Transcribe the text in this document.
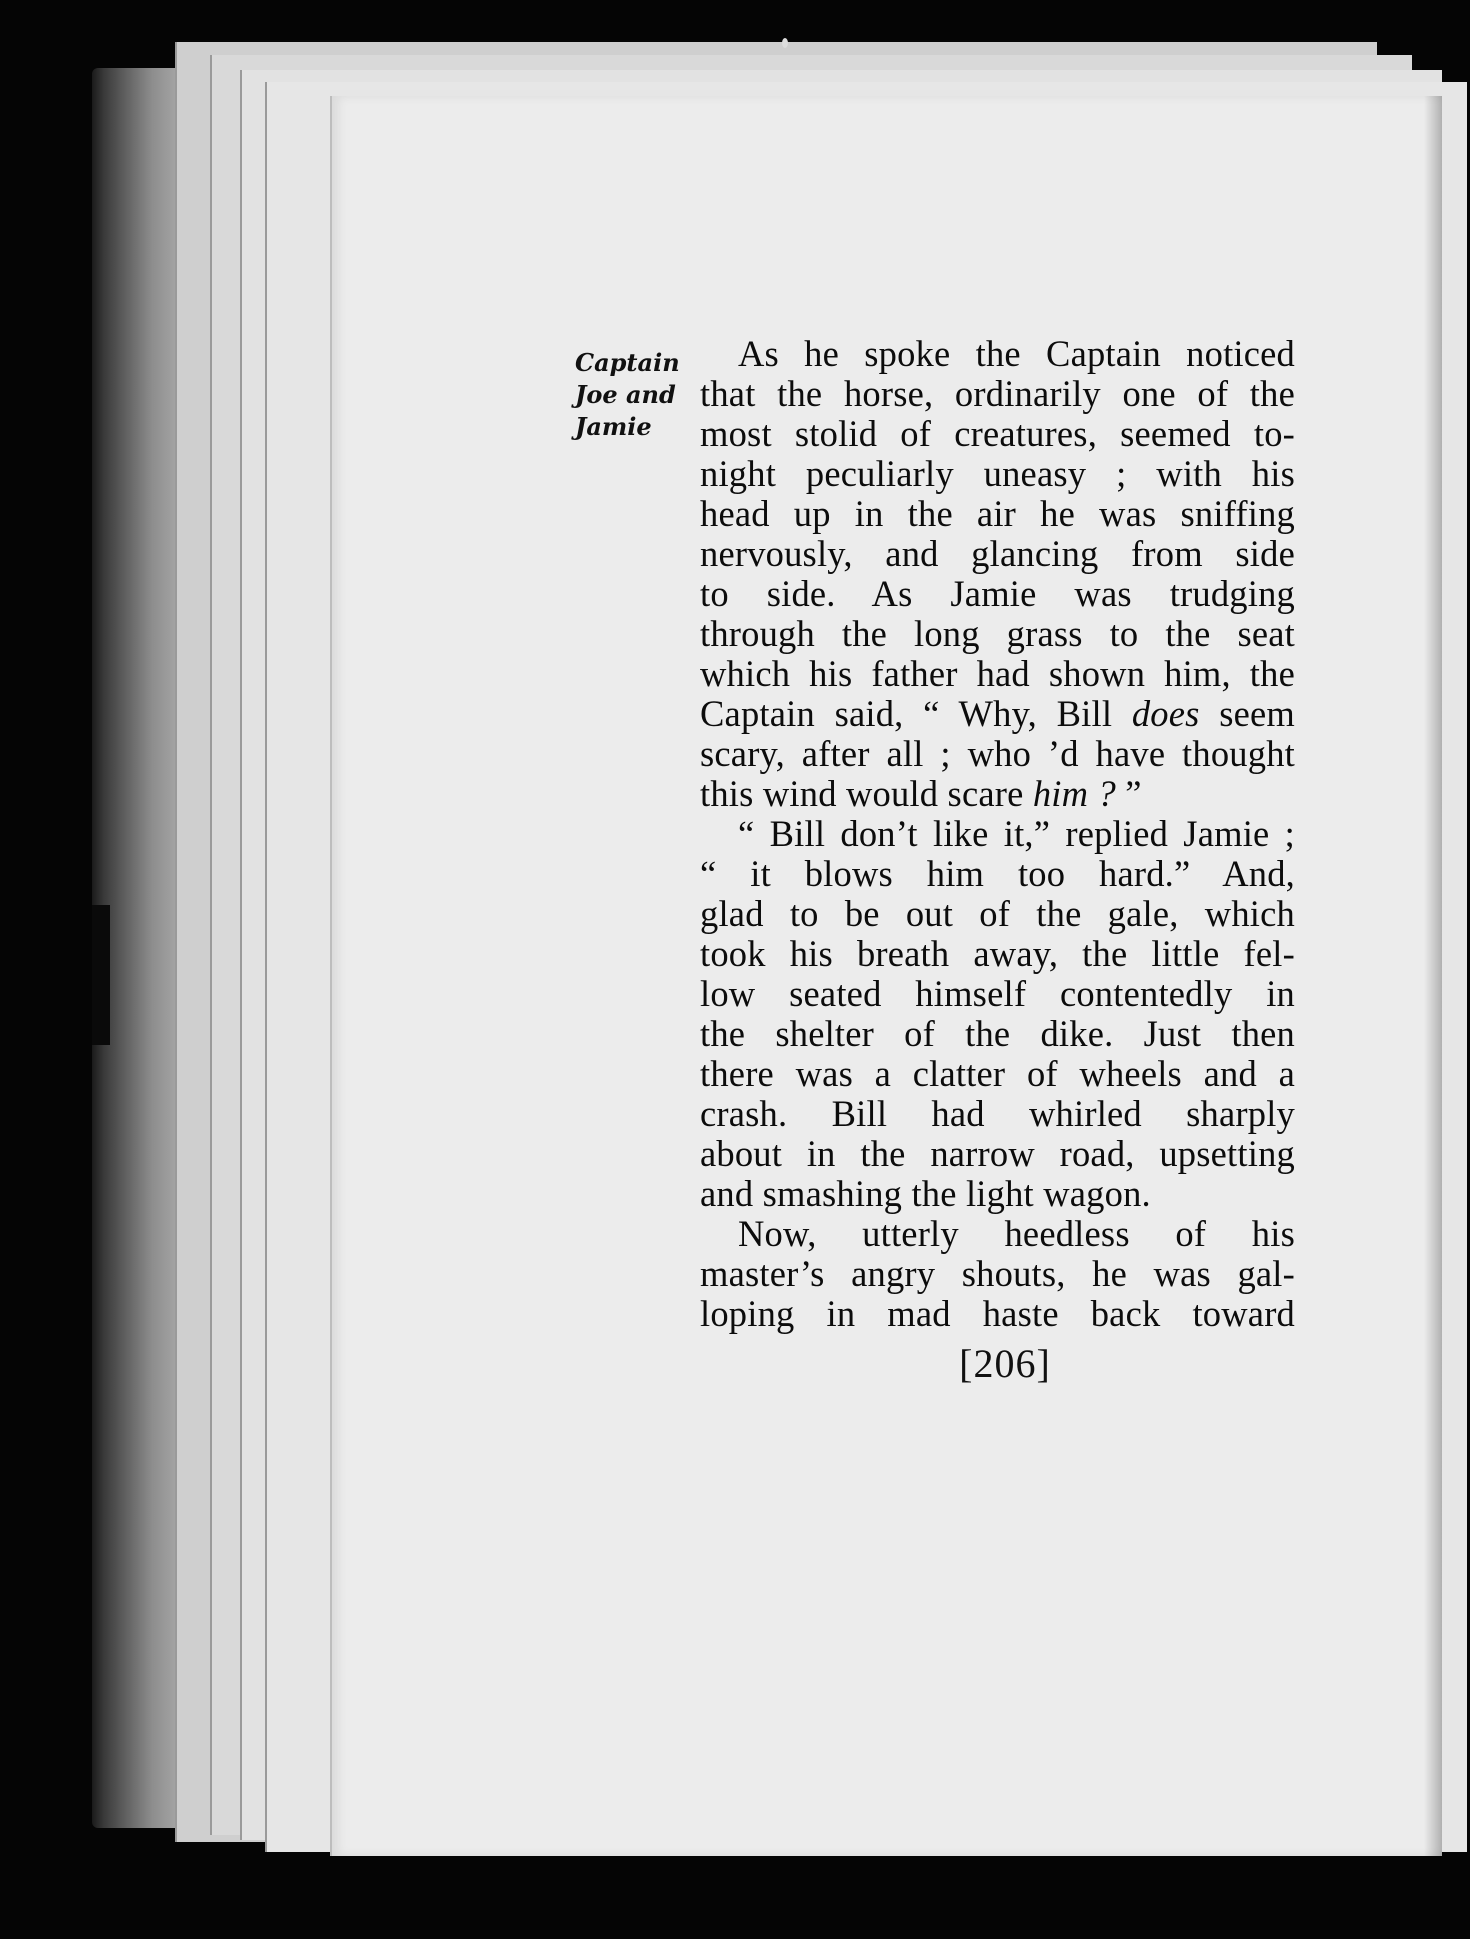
Captain
Joe and
Jamie
As he spoke the Captain noticed
that the horse, ordinarily one of the
most stolid of creatures, seemed to-
night peculiarly uneasy ; with his
head up in the air he was sniffing
nervously, and glancing from side
to side. As Jamie was trudging
through the long grass to the seat
which his father had shown him, the
Captain said, “ Why, Bill does seem
scary, after all ; who ’d have thought
this wind would scare him ? ”
“ Bill don’t like it,” replied Jamie ;
“ it blows him too hard.” And,
glad to be out of the gale, which
took his breath away, the little fel-
low seated himself contentedly in
the shelter of the dike. Just then
there was a clatter of wheels and a
crash. Bill had whirled sharply
about in the narrow road, upsetting
and smashing the light wagon.
Now, utterly heedless of his
master’s angry shouts, he was gal-
loping in mad haste back toward
[206]
